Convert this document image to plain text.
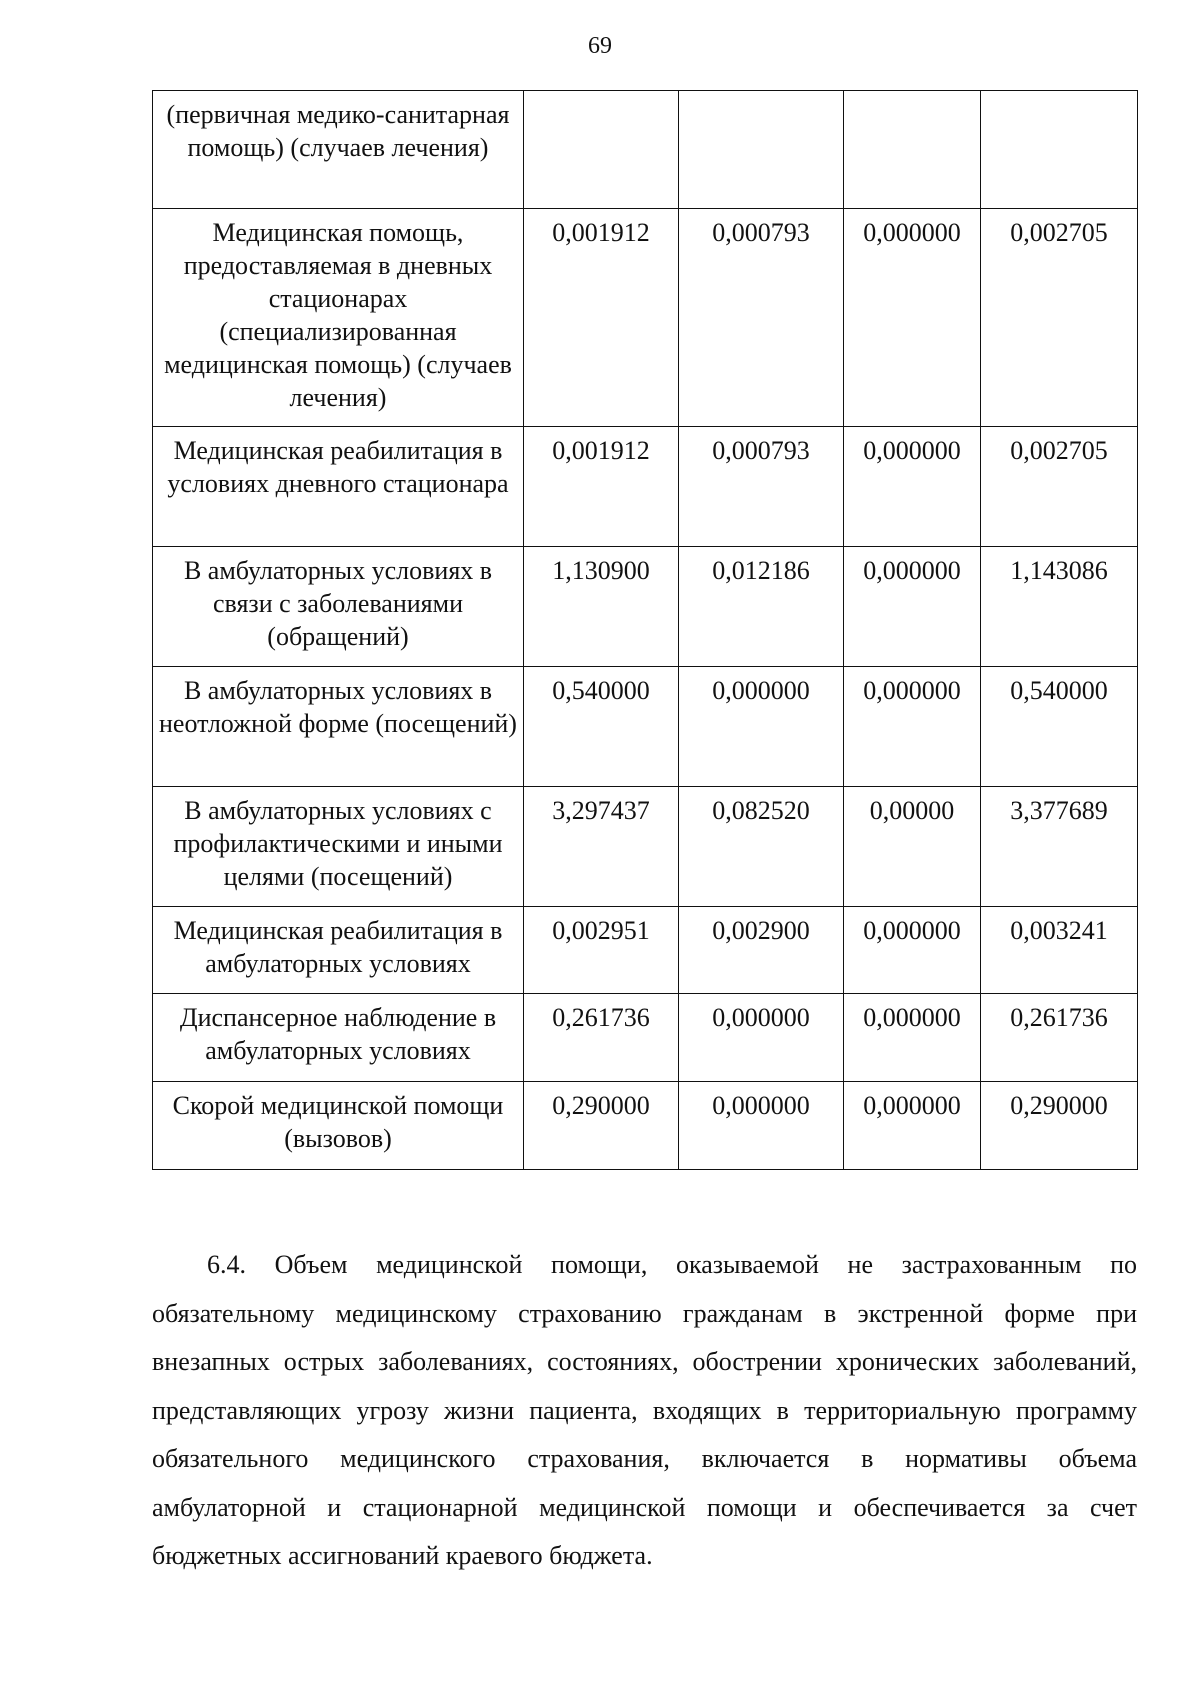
69
(первичная медико-санитарная помощь) (случаев лечения)				
Медицинская помощь, предоставляемая в дневных стационарах (специализированная медицинская помощь) (случаев лечения)	0,001912	0,000793	0,000000	0,002705
Медицинская реабилитация в условиях дневного стационара	0,001912	0,000793	0,000000	0,002705
В амбулаторных условиях в связи с заболеваниями (обращений)	1,130900	0,012186	0,000000	1,143086
В амбулаторных условиях в неотложной форме (посещений)	0,540000	0,000000	0,000000	0,540000
В амбулаторных условиях с профилактическими и иными целями (посещений)	3,297437	0,082520	0,00000	3,377689
Медицинская реабилитация в амбулаторных условиях	0,002951	0,002900	0,000000	0,003241
Диспансерное наблюдение в амбулаторных условиях	0,261736	0,000000	0,000000	0,261736
Скорой медицинской помощи (вызовов)	0,290000	0,000000	0,000000	0,290000

6.4. Объем медицинской помощи, оказываемой не застрахованным по обязательному медицинскому страхованию гражданам в экстренной форме при внезапных острых заболеваниях, состояниях, обострении хронических заболеваний, представляющих угрозу жизни пациента, входящих в территориальную программу обязательного медицинского страхования, включается в нормативы объема амбулаторной и стационарной медицинской помощи и обеспечивается за счет бюджетных ассигнований краевого бюджета.
